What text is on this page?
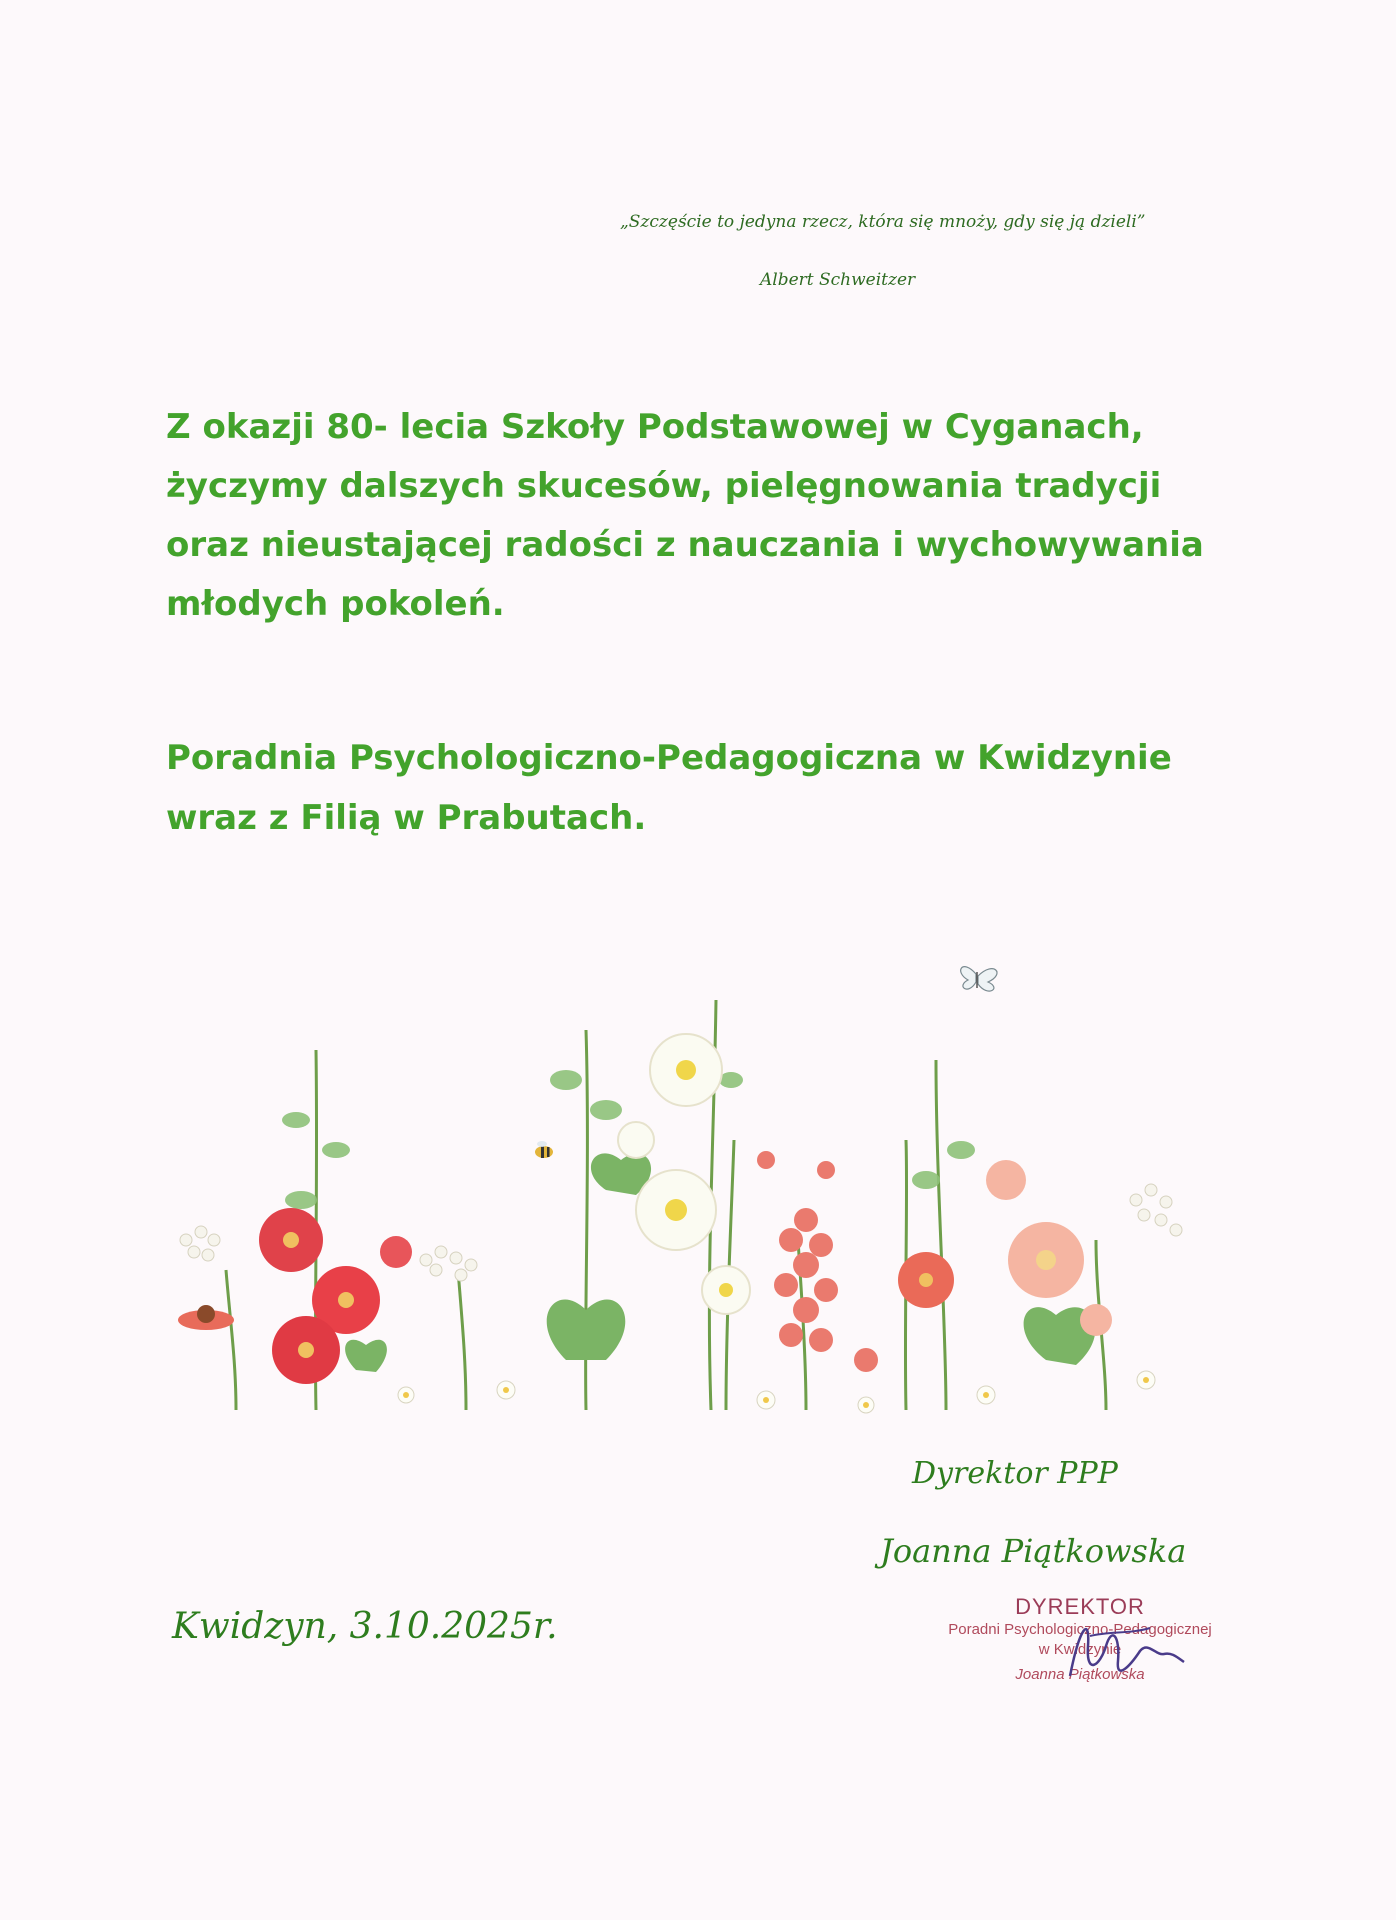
„Szczęście to jedyna rzecz, która się mnoży, gdy się ją dzieli”
Albert Schweitzer
Z okazji 80- lecia Szkoły Podstawowej w Cyganach,
życzymy dalszych skucesów, pielęgnowania tradycji
oraz nieustającej radości z nauczania i wychowywania
młodych pokoleń.
Poradnia Psychologiczno-Pedagogiczna w Kwidzynie
wraz z Filią w Prabutach.
Dyrektor PPP
Joanna Piątkowska
Kwidzyn, 3.10.2025r.	DYREKTOR
Poradni Psychologiczno-Pedagogicznej
w Kwidzynie
Joanna Piątkowska
